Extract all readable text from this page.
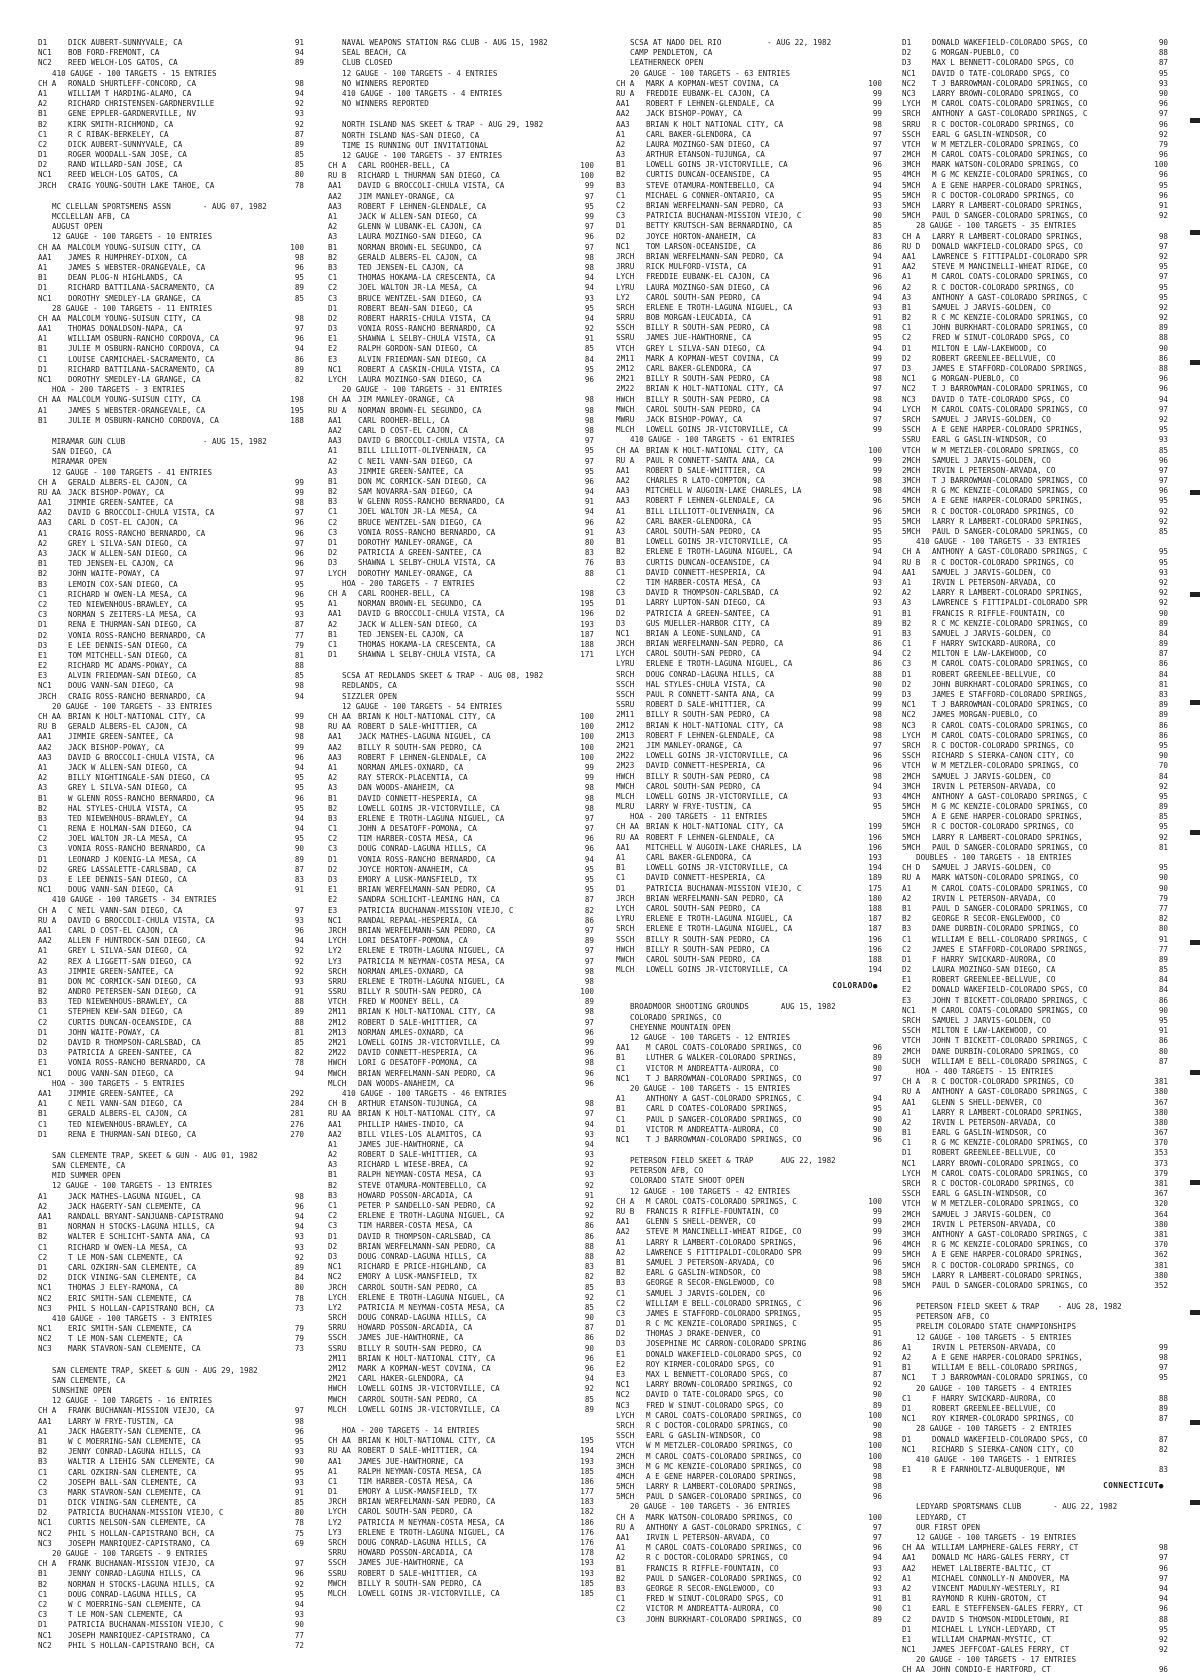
D1	DICK AUBERT-SUNNYVALE, CA	91
NC1	BOB FORD-FREMONT, CA	94
NC2	REED WELCH-LOS GATOS, CA	89
410 GAUGE - 100 TARGETS - 15 ENTRIES
CH A	RONALD SHURTLEFF-CONCORD, CA	98
A1	WILLIAM T HARDING-ALAMO, CA	94
A2	RICHARD CHRISTENSEN-GARDNERVILLE	92
B1	GENE EPPLER-GARDNERVILLE, NV	93
B2	KIRK SMITH-RICHMOND, CA	92
C1	R C RIBAK-BERKELEY, CA	87
C2	DICK AUBERT-SUNNYVALE, CA	89
D1	ROGER WOODALL-SAN JOSE, CA	85
D2	RAND WILLARD-SAN JOSE, CA	85
NC1	REED WELCH-LOS GATOS, CA	80
JRCH	CRAIG YOUNG-SOUTH LAKE TAHOE, CA	78
MC CLELLAN SPORTSMENS ASSN       - AUG 07, 1982
MCCLELLAN AFB, CA
AUGUST OPEN
12 GAUGE - 100 TARGETS - 10 ENTRIES
CH AA MALCOLM YOUNG-SUISUN CITY, CA	100
AA1	JAMES R HUMPHREY-DIXON, CA	98
A1	JAMES S WEBSTER-ORANGEVALE, CA	96
B1	DEAN PLOG-N HIGHLANDS, CA	95
D1	RICHARD BATTILANA-SACRAMENTO, CA	89
NC1	DOROTHY SMEDLEY-LA GRANGE, CA	85
28 GAUGE - 100 TARGETS - 11 ENTRIES
CH AA MALCOLM YOUNG-SUISUN CITY, CA	98
AA1	THOMAS DONALDSON-NAPA, CA	97
A1	WILLIAM OSBURN-RANCHO CORDOVA, CA	96
B1	JULIE M OSBURN-RANCHO CORDOVA, CA	94
C1	LOUISE CARMICHAEL-SACRAMENTO, CA	86
D1	RICHARD BATTILANA-SACRAMENTO, CA	89
NC1	DOROTHY SMEDLEY-LA GRANGE, CA	82
HOA - 200 TARGETS - 3 ENTRIES
CH AA MALCOLM YOUNG-SUISUN CITY, CA	198
A1	JAMES S WEBSTER-ORANGEVALE, CA	195
B1	JULIE M OSBURN-RANCHO CORDOVA, CA	188
MIRAMAR GUN CLUB                 - AUG 15, 1982
SAN DIEGO, CA
MIRAMAR OPEN
12 GAUGE - 100 TARGETS - 41 ENTRIES
CH A	GERALD ALBERS-EL CAJON, CA	99
RU AA JACK BISHOP-POWAY, CA	99
AA1	JIMMIE GREEN-SANTEE, CA	98
AA2	DAVID G BROCCOLI-CHULA VISTA, CA	97
AA3	CARL D COST-EL CAJON, CA	96
A1	CRAIG ROSS-RANCHO BERNARDO, CA	96
A2	GREY L SILVA-SAN DIEGO, CA	97
A3	JACK W ALLEN-SAN DIEGO, CA	96
B1	TED JENSEN-EL CAJON, CA	96
B2	JOHN WAITE-POWAY, CA	97
B3	LEMOIN COX-SAN DIEGO, CA	95
C1	RICHARD W OWEN-LA MESA, CA	96
C2	TED NIEWENHOUS-BRAWLEY, CA	95
C3	NORMAN S ZEITERS-LA MESA, CA	93
D1	RENA E THURMAN-SAN DIEGO, CA	87
D2	VONIA ROSS-RANCHO BERNARDO, CA	77
D3	E LEE DENNIS-SAN DIEGO, CA	79
E1	TOM MITCHELL-SAN DIEGO, CA	81
E2	RICHARD MC ADAMS-POWAY, CA	88
E3	ALVIN FRIEDMAN-SAN DIEGO, CA	85
NC1	DOUG VANN-SAN DIEGO, CA	98
JRCH	CRAIG ROSS-RANCHO BERNARDO, CA	94
20 GAUGE - 100 TARGETS - 33 ENTRIES
CH AA BRIAN K HOLT-NATIONAL CITY, CA	99
RU B	GERALD ALBERS-EL CAJON, CA	98
AA1	JIMMIE GREEN-SANTEE, CA	98
AA2	JACK BISHOP-POWAY, CA	99
AA3	DAVID G BROCCOLI-CHULA VISTA, CA	96
A1	JACK W ALLEN-SAN DIEGO, CA	94
A2	BILLY NIGHTINGALE-SAN DIEGO, CA	95
A3	GREY L SILVA-SAN DIEGO, CA	95
B1	W GLENN ROSS-RANCHO BERNARDO, CA	96
B2	HAL STYLES-CHULA VISTA, CA	95
B3	TED NIEWENHOUS-BRAWLEY, CA	94
C1	RENA E HOLMAN-SAN DIEGO, CA	94
C2	JOEL WALTON JR-LA MESA, CA	95
C3	VONIA ROSS-RANCHO BERNARDO, CA	90
D1	LEONARD J KOENIG-LA MESA, CA	89
D2	GREG LASSALETTE-CARLSBAD, CA	87
D3	E LEE DENNIS-SAN DIEGO, CA	83
NC1	DOUG VANN-SAN DIEGO, CA	91
410 GAUGE - 100 TARGETS - 34 ENTRIES
CH A	C NEIL VANN-SAN DIEGO, CA	97
RU A	DAVID G BROCCOLI-CHULA VISTA, CA	93
AA1	CARL D COST-EL CAJON, CA	96
AA2	ALLEN F HUNTROCK-SAN DIEGO, CA	94
A1	GREY L SILVA-SAN DIEGO, CA	92
A2	REX A LIGGETT-SAN DIEGO, CA	92
A3	JIMMIE GREEN-SANTEE, CA	92
B1	DON MC CORMICK-SAN DIEGO, CA	93
B2	ANDRO PETERSEN-SAN DIEGO, CA	91
B3	TED NIEWENHOUS-BRAWLEY, CA	88
C1	STEPHEN KEW-SAN DIEGO, CA	89
C2	CURTIS DUNCAN-OCEANSIDE, CA	88
D1	JOHN WAITE-POWAY, CA	81
D2	DAVID R THOMPSON-CARLSBAD, CA	85
D3	PATRICIA A GREEN-SANTEE, CA	82
E1	VONIA ROSS-RANCHO BERNARDO, CA	78
NC1	DOUG VANN-SAN DIEGO, CA	94
HOA - 300 TARGETS - 5 ENTRIES
AA1	JIMMIE GREEN-SANTEE, CA	292
A1	C NEIL VANN-SAN DIEGO, CA	284
B1	GERALD ALBERS-EL CAJON, CA	281
C1	TED NIEWENHOUS-BRAWLEY, CA	276
D1	RENA E THURMAN-SAN DIEGO, CA	270
SAN CLEMENTE TRAP, SKEET & GUN - AUG 01, 1982
SAN CLEMENTE, CA
MID SUMMER OPEN
12 GAUGE - 100 TARGETS - 13 ENTRIES
A1	JACK MATHES-LAGUNA NIGUEL, CA	98
A2	JACK HAGERTY-SAN CLEMENTE, CA	96
AA1	RANDALL BRYANT-SANJUANB-CAPISTRANO	94
B1	NORMAN H STOCKS-LAGUNA HILLS, CA	94
B2	WALTER E SCHLICHT-SANTA ANA, CA	93
C1	RICHARD W OWEN-LA MESA, CA	93
C2	T LE MON-SAN CLEMENTE, CA	92
D1	CARL OZKIRN-SAN CLEMENTE, CA	89
D2	DICK VINING-SAN CLEMENTE, CA	84
NC1	THOMAS J ELEY-RAMONA, CA	80
NC2	ERIC SMITH-SAN CLEMENTE, CA	78
NC3	PHIL S HOLLAN-CAPISTRANO BCH, CA	73
410 GAUGE - 100 TARGETS - 3 ENTRIES
NC1	ERIC SMITH-SAN CLEMENTE, CA	79
NC2	T LE MON-SAN CLEMENTE, CA	79
NC3	MARK STAVRON-SAN CLEMENTE, CA	73
SAN CLEMENTE TRAP, SKEET & GUN - AUG 29, 1982
SAN CLEMENTE, CA
SUNSHINE OPEN
12 GAUGE - 100 TARGETS - 16 ENTRIES
CH A	FRANK BUCHANAN-MISSION VIEJO, CA	97
AA1	LARRY W FRYE-TUSTIN, CA	98
A1	JACK HAGERTY-SAN CLEMENTE, CA	96
B1	W C MOERRING-SAN CLEMENTE, CA	95
B2	JENNY CONRAD-LAGUNA HILLS, CA	93
B3	WALTIR A LIEHIG SAN CLEMENTE, CA	90
C1	CARL OZKIRN-SAN CLEMENTE, CA	95
C2	JOSEPH BALL-SAN CLEMENTE, CA	93
C3	MARK STAVRON-SAN CLEMENTE, CA	91
D1	DICK VINING-SAN CLEMENTE, CA	85
D2	PATRICIA BUCHANAN-MISSION VIEJO, C	80
NC1	CURTIS NELSON-SAN CLEMENTE, CA	78
NC2	PHIL S HOLLAN-CAPISTRANO BCH, CA	75
NC3	JOSEPH MANRIQUEZ-CAPISTRANO, CA	69
20 GAUGE - 100 TARGETS - 9 ENTRIES
CH A	FRANK BUCHANAN-MISSION VIEJO, CA	97
B1	JENNY CONRAD-LAGUNA HILLS, CA	96
B2	NORMAN H STOCKS-LAGUNA HILLS, CA	92
C1	DOUG CONRAD-LAGUNA HILLS, CA	95
C2	W C MOERRING-SAN CLEMENTE, CA	94
C3	T LE MON-SAN CLEMENTE, CA	93
D1	PATRICIA BUCHANAN-MISSION VIEJO, C	90
NC1	JOSEPH MANRIQUEZ-CAPISTRANO, CA	77
NC2	PHIL S HOLLAN-CAPISTRANO BCH, CA	72
NAVAL WEAPONS STATION R&G CLUB - AUG 15, 1982
SEAL BEACH, CA
CLUB CLOSED
12 GAUGE - 100 TARGETS - 4 ENTRIES
NO WINNERS REPORTED
410 GAUGE - 100 TARGETS - 4 ENTRIES
NO WINNERS REPORTED
NORTH ISLAND NAS SKEET & TRAP - AUG 29, 1982
NORTH ISLAND NAS-SAN DIEGO, CA
TIME IS RUNNING OUT INVITATIONAL
12 GAUGE - 100 TARGETS - 37 ENTRIES
CH A	CARL ROOHER-BELL, CA	100
RU B	RICHARD L THURMAN SAN DIEGO, CA	100
AA1	DAVID G BROCCOLI-CHULA VISTA, CA	99
AA2	JIM MANLEY-ORANGE, CA	97
AA3	ROBERT F LEHNEN-GLENDALE, CA	95
A1	JACK W ALLEN-SAN DIEGO, CA	99
A2	GLENN W LUBANK-EL CAJON, CA	97
A3	LAURA MOZINGO-SAN DIEGO, CA	96
B1	NORMAN BROWN-EL SEGUNDO, CA	97
B2	GERALD ALBERS-EL CAJON, CA	98
B3	TED JENSEN-EL CAJON, CA	98
C1	THOMAS HOKAMA-LA CRESCENTA, CA	94
C2	JOEL WALTON JR-LA MESA, CA	94
C3	BRUCE WENTZEL-SAN DIEGO, CA	93
D1	ROBERT BEAN-SAN DIEGO, CA	95
D2	ROBERT HARRIS-CHULA VISTA, CA	94
D3	VONIA ROSS-RANCHO BERNARDO, CA	92
E1	SHAWNA L SELBY-CHULA VISTA, CA	91
E2	RALPH GORDON-SAN DIEGO, CA	85
E3	ALVIN FRIEDMAN-SAN DIEGO, CA	84
NC1	ROBERT A CASKIN-CHULA VISTA, CA	95
LYCH	LAURA MOZINGO-SAN DIEGO, CA	96
20 GAUGE - 100 TARGETS - 31 ENTRIES
CH AA JIM MANLEY-ORANGE, CA	98
RU A	NORMAN BROWN-EL SEGUNDO, CA	98
AA1	CARL ROOHER-BELL, CA	98
AA2	CARL D COST-EL CAJON, CA	98
AA3	DAVID G BROCCOLI-CHULA VISTA, CA	97
A1	BILL LILLIOTT-OLIVENHAIN, CA	95
A2	C NEIL VANN-SAN DIEGO, CA	97
A3	JIMMIE GREEN-SANTEE, CA	95
B1	DON MC CORMICK-SAN DIEGO, CA	96
B2	SAM NOVARRA-SAN DIEGO, CA	94
B3	W GLENN ROSS-RANCHO BERNARDO, CA	91
C1	JOEL WALTON JR-LA MESA, CA	94
C2	BRUCE WENTZEL-SAN DIEGO, CA	96
C3	VONIA ROSS-RANCHO BERNARDO, CA	91
D1	DOROTHY MANLEY-ORANGE, CA	80
D2	PATRICIA A GREEN-SANTEE, CA	83
D3	SHAWNA L SELBY-CHULA VISTA, CA	76
LYCH	DOROTHY MANLEY-ORANGE, CA	88
HOA - 200 TARGETS - 7 ENTRIES
CH A	CARL ROOHER-BELL, CA	198
A1	NORMAN BROWN-EL SEGUNDO, CA	195
AA1	DAVID G BROCCOLI-CHULA VISTA, CA	196
A2	JACK W ALLEN-SAN DIEGO, CA	193
B1	TED JENSEN-EL CAJON, CA	187
C1	THOMAS HOKAMA-LA CRESCENTA, CA	188
D1	SHAWNA L SELBY-CHULA VISTA, CA	171
SCSA AT REDLANDS SKEET & TRAP - AUG 08, 1982
REDLANDS, CA
SIZZLER OPEN
12 GAUGE - 100 TARGETS - 54 ENTRIES
CH AA BRIAN K HOLT-NATIONAL CITY, CA	100
RU AA ROBERT D SALE-WHITTIER, CA	100
AA1	JACK MATHES-LAGUNA NIGUEL, CA	100
AA2	BILLY R SOUTH-SAN PEDRO, CA	100
AA3	ROBERT F LEHNEN-GLENDALE, CA	100
A1	NORMAN AMLES-OXNARD, CA	99
A2	RAY STERCK-PLACENTIA, CA	99
A3	DAN WOODS-ANAHEIM, CA	98
B1	DAVID CONNETT-HESPERIA, CA	98
B2	LOWELL GOINS JR-VICTORVILLE, CA	98
B3	ERLENE E TROTH-LAGUNA NIGUEL, CA	97
C1	JOHN A DESATOFF-POMONA, CA	97
C2	TIM HARBER-COSTA MESA, CA	96
C3	DOUG CONRAD-LAGUNA HILLS, CA	96
D1	VONIA ROSS-RANCHO BERNARDO, CA	94
D2	JOYCE HORTON-ANAHEIM, CA	95
D3	EMORY A LUSK-MANSFIELD, TX	95
E1	BRIAN WERFELMANN-SAN PEDRO, CA	95
E2	SANDRA SCHLICHT-LEAMING HAN, CA	87
E3	PATRICIA BUCHANAN-MISSION VIEJO, C	82
NC1	RANDAL REPAAL-HESPERIA, CA	86
JRCH	BRIAN WERFELMANN-SAN PEDRO, CA	97
LYCH	LORI DESATOFF-POMONA, CA	89
LY2	ERLENE E TROTH-LAGUNA NIGUEL, CA	97
LY3	PATRICIA M NEYMAN-COSTA MESA, CA	97
SRCH	NORMAN AMLES-OXNARD, CA	98
SRRU	ERLENE E TROTH-LAGUNA NIGUEL, CA	98
SSRU	BILLY R SOUTH-SAN PEDRO, CA	100
VTCH	FRED W MOONEY BELL, CA	89
2M11	BRIAN K HOLT-NATIONAL CITY, CA	98
2M12	ROBERT D SALE-WHITTIER, CA	97
2M13	NORMAN AMLES-OXNARD, CA	96
2M21	LOWELL GOINS JR-VICTORVILLE, CA	99
2M22	DAVID CONNETT-HESPERIA, CA	96
HWCH	LORI G DESATOFF-POMONA, CA	98
MWCH	BRIAN WERFELMANN-SAN PEDRO, CA	96
MLCH	DAN WOODS-ANAHEIM, CA	96
410 GAUGE - 100 TARGETS - 46 ENTRIES
CH B	ARTHUR ETANSON-TUJUNGA, CA	98
RU AA BRIAN K HOLT-NATIONAL CITY, CA	97
AA1	PHILLIP HAWES-INDIO, CA	94
AA2	BILL VILES-LOS ALAMITOS, CA	93
A1	JAMES JUE-HAWTHORNE, CA	94
A2	ROBERT D SALE-WHITTIER, CA	93
A3	RICHARD L WIESE-BREA, CA	92
B1	RALPH NEYMAN-COSTA MESA, CA	93
B2	STEVE OTAMURA-MONTEBELLO, CA	92
B3	HOWARD POSSON-ARCADIA, CA	91
C1	PETER P SANDELLO-SAN PEDRO, CA	92
C2	ERLENE E TROTH-LAGUNA NIGUEL, CA	92
C3	TIM HARBER-COSTA MESA, CA	86
D1	DAVID R THOMPSON-CARLSBAD, CA	86
D2	BRIAN WERFELMANN-SAN PEDRO, CA	88
D3	DOUG CONRAD-LAGUNA HILLS, CA	88
NC1	RICHARD E PRICE-HIGHLAND, CA	83
NC2	EMORY A LUSK-MANSFIELD, TX	82
JRCH	CARROL SOUTH-SAN PEDRO, CA	85
LYCH	ERLENE E TROTH-LAGUNA NIGUEL, CA	92
LY2	PATRICIA M NEYMAN-COSTA MESA, CA	85
SRCH	DOUG CONRAD-LAGUNA HILLS, CA	90
SRRU	HOWARD POSSON-ARCADIA, CA	87
SSCH	JAMES JUE-HAWTHORNE, CA	86
SSRU	BILLY R SOUTH-SAN PEDRO, CA	90
2M11	BRIAN K HOLT-NATIONAL CITY, CA	96
2M12	MARK A KOPMAN-WEST COVINA, CA	96
2M21	CARL HAKER-GLENDORA, CA	94
HWCH	LOWELL GOINS JR-VICTORVILLE, CA	92
MWCH	CARROL SOUTH-SAN PEDRO, CA	85
MLCH	LOWELL GOINS JR-VICTORVILLE, CA	89
HOA - 200 TARGETS - 14 ENTRIES
CH AA BRIAN K HOLT-NATIONAL CITY, CA	195
RU AA ROBERT D SALE-WHITTIER, CA	194
AA1	JAMES JUE-HAWTHORNE, CA	193
A1	RALPH NEYMAN-COSTA MESA, CA	185
C1	TIM HARBER-COSTA MESA, CA	186
D1	EMORY A LUSK-MANSFIELD, TX	177
JRCH	BRIAN WERFELMANN-SAN PEDRO, CA	183
LYCH	CAROL SOUTH-SAN PEDRO, CA	182
LY2	PATRICIA M NEYMAN-COSTA MESA, CA	186
LY3	ERLENE E TROTH-LAGUNA NIGUEL, CA	176
SRCH	DOUG CONRAD-LAGUNA HILLS, CA	176
SRRU	HOWARD POSSON-ARCADIA, CA	178
SSCH	JAMES JUE-HAWTHORNE, CA	193
SSRU	ROBERT D SALE-WHITTIER, CA	193
MWCH	BILLY R SOUTH-SAN PEDRO, CA	185
MLCH	LOWELL GOINS JR-VICTORVILLE, CA	185
SCSA AT NADO DEL RIO          - AUG 22, 1982
CAMP PENDLETON, CA
LEATHERNECK OPEN
20 GAUGE - 100 TARGETS - 63 ENTRIES
CH A	MARK A KOPMAN-WEST COVINA, CA	100
RU A	FREDDIE EUBANK-EL CAJON, CA	99
AA1	ROBERT F LEHNEN-GLENDALE, CA	99
AA2	JACK BISHOP-POWAY, CA	99
AA3	BRIAN K HOLT NATIONAL CITY, CA	98
A1	CARL BAKER-GLENDORA, CA	97
A2	LAURA MOZINGO-SAN DIEGO, CA	97
A3	ARTHUR ETANSON-TUJUNGA, CA	97
B1	LOWELL GOINS JR-VICTORVILLE, CA	96
B2	CURTIS DUNCAN-OCEANSIDE, CA	95
B3	STEVE OTAMURA-MONTEBELLO, CA	94
C1	MICHAEL G CONNER-ONTARIO, CA	95
C2	BRIAN WERFELMANN-SAN PEDRO, CA	93
C3	PATRICIA BUCHANAN-MISSION VIEJO, C	90
D1	BETTY KRUTSCH-SAN BERNARDINO, CA	85
D2	JOYCE HORTON-ANAHEIM, CA	83
NC1	TOM LARSON-OCEANSIDE, CA	86
JRCH	BRIAN WERFELMANN-SAN PEDRO, CA	94
JRRU	RICK MULFORD-VISTA, CA	91
LYCH	FREDDIE EUBANK-EL CAJON, CA	96
LYRU	LAURA MOZINGO-SAN DIEGO, CA	96
LY2	CAROL SOUTH-SAN PEDRO, CA	94
SRCH	ERLENE E TROTH-LAGUNA NIGUEL, CA	93
SRRU	BOB MORGAN-LEUCADIA, CA	91
SSCH	BILLY R SOUTH-SAN PEDRO, CA	98
SSRU	JAMES JUE-HAWTHORNE, CA	95
VTCH	GREY L SILVA-SAN DIEGO, CA	94
2M11	MARK A KOPMAN-WEST COVINA, CA	99
2M12	CARL BAKER-GLENDORA, CA	97
2M21	BILLY R SOUTH-SAN PEDRO, CA	98
2M22	BRIAN K HOLT-NATIONAL CITY, CA	97
HWCH	BILLY R SOUTH-SAN PEDRO, CA	98
MWCH	CAROL SOUTH-SAN PEDRO, CA	94
MWRU	JACK BISHOP-POWAY, CA	97
MLCH	LOWELL GOINS JR-VICTORVILLE, CA	99
410 GAUGE - 100 TARGETS - 61 ENTRIES
CH AA BRIAN K HOLT-NATIONAL CITY, CA	100
RU A	PAUL R CONNETT-SANTA ANA, CA	99
AA1	ROBERT D SALE-WHITTIER, CA	99
AA2	CHARLES R LATO-COMPTON, CA	98
AA3	MITCHELL W AUGOIN-LAKE CHARLES, LA	98
AA3	ROBERT F LEHNEN-GLENDALE, CA	96
A1	BILL LILLIOTT-OLIVENHAIN, CA	96
A2	CARL BAKER-GLENDORA, CA	95
A3	CAROL SOUTH-SAN PEDRO, CA	95
B1	LOWELL GOINS JR-VICTORVILLE, CA	95
B2	ERLENE E TROTH-LAGUNA NIGUEL, CA	94
B3	CURTIS DUNCAN-OCEANSIDE, CA	94
C1	DAVID CONNETT-HESPERIA, CA	94
C2	TIM HARBER-COSTA MESA, CA	93
C3	DAVID R THOMPSON-CARLSBAD, CA	92
D1	LARRY LUPTON-SAN DIEGO, CA	93
D2	PATRICIA A GREEN-SANTEE, CA	91
D3	GUS MUELLER-HARBOR CITY, CA	89
NC1	BRIAN A LEONE-SUNLAND, CA	91
JRCH	BRIAN WERFELMANN-SAN PEDRO, CA	86
LYCH	CAROL SOUTH-SAN PEDRO, CA	94
LYRU	ERLENE E TROTH-LAGUNA NIGUEL, CA	86
SRCH	DOUG CONRAD-LAGUNA HILLS, CA	88
SSCH	HAL STYLES-CHULA VISTA, CA	90
SSCH	PAUL R CONNETT-SANTA ANA, CA	99
SSRU	ROBERT D SALE-WHITTIER, CA	99
2M11	BILLY R SOUTH-SAN PEDRO, CA	98
2M12	BRIAN K HOLT-NATIONAL CITY, CA	98
2M13	ROBERT F LEHNEN-GLENDALE, CA	98
2M21	JIM MANLEY-ORANGE, CA	97
2M22	LOWELL GOINS JR-VICTORVILLE, CA	96
2M23	DAVID CONNETT-HESPERIA, CA	96
HWCH	BILLY R SOUTH-SAN PEDRO, CA	98
MWCH	CAROL SOUTH-SAN PEDRO, CA	94
MLCH	LOWELL GOINS JR-VICTORVILLE, CA	93
MLRU	LARRY W FRYE-TUSTIN, CA	95
HOA - 200 TARGETS - 11 ENTRIES
CH AA BRIAN K HOLT-NATIONAL CITY, CA	199
RU AA ROBERT F LEHNEN-GLENDALE, CA	196
AA1	MITCHELL W AUGOIN-LAKE CHARLES, LA	196
A1	CARL BAKER-GLENDORA, CA	193
B1	LOWELL GOINS JR-VICTORVILLE, CA	194
C1	DAVID CONNETT-HESPERIA, CA	189
D1	PATRICIA BUCHANAN-MISSION VIEJO, C	175
JRCH	BRIAN WERFELMANN-SAN PEDRO, CA	180
LYCH	CAROL SOUTH-SAN PEDRO, CA	188
LYRU	ERLENE E TROTH-LAGUNA NIGUEL, CA	187
SRCH	ERLENE E TROTH-LAGUNA NIGUEL, CA	187
SSCH	BILLY R SOUTH-SAN PEDRO, CA	196
HWCH	BILLY R SOUTH-SAN PEDRO, CA	196
MWCH	CAROL SOUTH-SAN PEDRO, CA	188
MLCH	LOWELL GOINS JR-VICTORVILLE, CA	194
COLORADO●
BROADMOOR SHOOTING GROUNDS       AUG 15, 1982
COLORADO SPRINGS, CO
CHEYENNE MOUNTAIN OPEN
12 GAUGE - 100 TARGETS - 12 ENTRIES
AA1	M CAROL COATS-COLORADO SPRINGS, CO	96
B1	LUTHER G WALKER-COLORADO SPRINGS,	89
C1	VICTOR M ANDREATTA-AURORA, CO	90
NC1	T J BARROWMAN-COLORADO SPRINGS, CO	97
20 GAUGE - 100 TARGETS - 15 ENTRIES
A1	ANTHONY A GAST-COLORADO SPRINGS, C	94
B1	CARL D COATES-COLORADO SPRINGS,	95
C1	PAUL D SANGER-COLORADO SPRINGS, CO	90
D1	VICTOR M ANDREATTA-AURORA, CO	90
NC1	T J BARROWMAN-COLORADO SPRINGS, CO	96
PETERSON FIELD SKEET & TRAP      AUG 22, 1982
PETERSON AFB, CO
COLORADO STATE SHOOT OPEN
12 GAUGE - 100 TARGETS - 42 ENTRIES
CH A	M CAROL COATS-COLORADO SPRINGS, C	100
RU B	FRANCIS R RIFFLE-FOUNTAIN, CO	99
AA1	GLENN S SHELL-DENVER, CO	99
AA2	STEVE M MANCINELLI-WHEAT RIDGE, CO	99
A1	LARRY R LAMBERT-COLORADO SPRINGS,	96
A2	LAWRENCE S FITTIPALDI-COLORADO SPR	99
B1	SAMUEL J PETERSON-ARVADA, CO	96
B2	EARL G GASLIN-WINDSOR, CO	98
B3	GEORGE R SECOR-ENGLEWOOD, CO	98
C1	SAMUEL J JARVIS-GOLDEN, CO	96
C2	WILLIAM E BELL-COLORADO SPRINGS, C	96
C3	JAMES E STAFFORD-COLORADO SPRINGS,	95
D1	R C MC KENZIE-COLORADO SPRINGS, C	95
D2	THOMAS J DRAKE-DENVER, CO	91
D3	JOSEPHINE MC CARRON-COLORADO SPRING	86
E1	DONALD WAKEFIELD-COLORADO SPGS, CO	92
E2	ROY KIRMER-COLORADO SPGS, CO	91
E3	MAX L BENNETT-COLORADO SPGS, CO	87
NC1	LARRY BROWN-COLORADO SPRINGS, CO	92
NC2	DAVID O TATE-COLORADO SPGS, CO	90
NC3	FRED W SINUT-COLORADO SPGS, CO	89
LYCH	M CAROL COATS-COLORADO SPRINGS, CO	100
SRCH	R C DOCTOR-COLORADO SPRINGS, CO	90
SSCH	EARL G GASLIN-WINDSOR, CO	98
VTCH	W M METZLER-COLORADO SPRINGS, CO	100
2MCH	M CAROL COATS-COLORADO SPRINGS, CO	100
3MCH	M G MC KENZIE-COLORADO SPRINGS, CO	98
4MCH	A E GENE HARPER-COLORADO SPRINGS,	98
5MCH	LARRY R LAMBERT-COLORADO SPRINGS,	98
5MCH	PAUL D SANGER-COLORADO SPRINGS, CO	96
20 GAUGE - 100 TARGETS - 36 ENTRIES
CH A	MARK WATSON-COLORADO SPRINGS, CO	100
RU A	ANTHONY A GAST-COLORADO SPRINGS, C	97
AA1	IRVIN L PETERSON-ARVADA, CO	97
A1	M CAROL COATS-COLORADO SPRINGS, CO	96
A2	R C DOCTOR-COLORADO SPRINGS, CO	94
B1	FRANCIS R RIFFLE-FOUNTAIN, CO	93
B2	PAUL D SANGER-COLORADO SPRINGS, CO	92
B3	GEORGE R SECOR-ENGLEWOOD, CO	93
C1	FRED W SINUT-COLORADO SPGS, CO	91
C2	VICTOR M ANDREATTA-AURORA, CO	90
C3	JOHN BURKHART-COLORADO SPRINGS, CO	89
D1	DONALD WAKEFIELD-COLORADO SPGS, CO	90
D2	G MORGAN-PUEBLO, CO	88
D3	MAX L BENNETT-COLORADO SPGS, CO	87
NC1	DAVID O TATE-COLORADO SPGS, CO	95
NC2	T J BARROWMAN-COLORADO SPRINGS, CO	93
NC3	LARRY BROWN-COLORADO SPRINGS, CO	90
LYCH	M CAROL COATS-COLORADO SPRINGS, CO	96
SRCH	ANTHONY A GAST-COLORADO SPRINGS, C	97
SRRU	R C DOCTOR-COLORADO SPRINGS, CO	96
SSCH	EARL G GASLIN-WINDSOR, CO	92
VTCH	W M METZLER-COLORADO SPRINGS, CO	79
2MCH	M CAROL COATS-COLORADO SPRINGS, CO	96
3MCH	MARK WATSON-COLORADO SPRINGS, CO	100
4MCH	M G MC KENZIE-COLORADO SPRINGS, CO	96
5MCH	A E GENE HARPER-COLORADO SPRINGS,	95
5MCH	R C DOCTOR-COLORADO SPRINGS, CO	96
5MCH	LARRY R LAMBERT-COLORADO SPRINGS,	91
5MCH	PAUL D SANGER-COLORADO SPRINGS, CO	92
28 GAUGE - 100 TARGETS - 35 ENTRIES
CH A	LARRY R LAMBERT-COLORADO SPRINGS,	98
RU D	DONALD WAKFIELD-COLORADO SPGS, CO	97
AA1	LAWRENCE S FITTIPALDI-COLORADO SPR	92
AA2	STEVE M MANCINELLI-WHEAT RIDGE, CO	95
A1	M CAROL COATS-COLORADO SPRINGS, CO	97
A2	R C DOCTOR-COLORADO SPRINGS, CO	95
A3	ANTHONY A GAST-COLORADO SPRINGS, C	95
B1	SAMUEL J JARVIS-GOLDEN, CO	92
B2	R C MC KENZIE-COLORADO SPRINGS, CO	92
C1	JOHN BURKHART-COLORADO SPRINGS, CO	89
C2	FRED W SINUT-COLORADO SPGS, CO	88
D1	MILTON E LAW-LAKEWOOD, CO	90
D2	ROBERT GREENLEE-BELLVUE, CO	86
D3	JAMES E STAFFORD-COLORADO SPRINGS,	88
NC1	G MORGAN-PUEBLO, CO	96
NC2	T J BARROWMAN-COLORADO SPRINGS, CO	96
NC3	DAVID O TATE-COLORADO SPGS, CO	94
LYCH	M CAROL COATS-COLORADO SPRINGS, CO	97
SRCH	SAMUEL J JARVIS-GOLDEN, CO	92
SSCH	A E GENE HARPER-COLORADO SPRINGS,	95
SSRU	EARL G GASLIN-WINDSOR, CO	93
VTCH	W M METZLER-COLORADO SPRINGS, CO	85
2MCH	SAMUEL J JARVIS-GOLDEN, CO	96
2MCH	IRVIN L PETERSON-ARVADA, CO	97
3MCH	T J BARROWMAN-COLORADO SPRINGS, CO	97
4MCH	R G MC KENZIE-COLORADO SPRINGS, CO	96
5MCH	A E GENE HARPER-COLORADO SPRINGS,	95
5MCH	R C DOCTOR-COLORADO SPRINGS, CO	92
5MCH	LARRY R LAMBERT-COLORADO SPRINGS,	92
5MCH	PAUL D SANGER-COLORADO SPRINGS, CO	85
410 GAUGE - 100 TARGETS - 33 ENTRIES
CH A	ANTHONY A GAST-COLORADO SPRINGS, C	95
RU B	R C DOCTOR-COLORADO SPRINGS, CO	95
AA1	SAMUEL J JARVIS-GOLDEN, CO	93
A1	IRVIN L PETERSON-ARVADA, CO	92
A2	LARRY R LAMBERT-COLORADO SPRINGS,	92
A3	LAWRENCE S FITTIPALDI-COLORADO SPR	92
B1	FRANCIS R RIFFLE-FOUNTAIN, CO	90
B2	R C MC KENZIE-COLORADO SPRINGS, CO	89
B3	SAMUEL J JARVIS-GOLDEN, CO	84
C1	F HARRY SWICKARD-AURORA, CO	89
C2	MILTON E LAW-LAKEWOOD, CO	87
C3	M CAROL COATS-COLORADO SPRINGS, CO	86
D1	ROBERT GREENLEE-BELLVUE, CO	84
D2	JOHN BURKHART-COLORADO SPRINGS, CO	81
D3	JAMES E STAFFORD-COLORADO SPRINGS,	83
NC1	T J BARROWMAN-COLORADO SPRINGS, CO	89
NC2	JAMES MORGAN-PUEBLO, CO	89
NC3	R CAROL COATS-COLORADO SPRINGS, CO	86
LYCH	M CAROL COATS-COLORADO SPRINGS, CO	86
SRCH	R C DOCTOR-COLORADO SPRINGS, CO	95
SSCH	RICHARD S SIERKA-CANON CITY, CO	90
VTCH	W M METZLER-COLORADO SPRINGS, CO	70
2MCH	SAMUEL J JARVIS-GOLDEN, CO	84
3MCH	IRVIN L PETERSON-ARVADA, CO	92
4MCH	ANTHONY A GAST-COLORADO SPRINGS, C	95
5MCH	M G MC KENZIE-COLORADO SPRINGS, CO	89
5MCH	A E GENE HARPER-COLORADO SPRINGS,	85
5MCH	R C DOCTOR-COLORADO SPRINGS, CO	95
5MCH	LARRY R LAMBERT-COLORADO SPRINGS,	92
5MCH	PAUL D SANGER-COLORADO SPRINGS, CO	81
DOUBLES - 100 TARGETS - 18 ENTRIES
CH D	SAMUEL J JARVIS-GOLDEN, CO	95
RU A	MARK WATSON-COLORADO SPRINGS, CO	90
A1	M CAROL COATS-COLORADO SPRINGS, CO	90
A2	IRVIN L PETERSON-ARVADA, CO	79
B1	PAUL D SANGER-COLORADO SPRINGS, CO	77
B2	GEORGE R SECOR-ENGLEWOOD, CO	82
B3	DANE DURBIN-COLORADO SPRINGS, CO	80
C1	WILLIAM E BELL-COLORADO SPRINGS, C	91
C2	JAMES E STAFFORD-COLORADO SPRINGS,	77
D1	F HARRY SWICKARD-AURORA, CO	89
D2	LAURA MOZINGO-SAN DIEGO, CA	85
E1	ROBERT GREENLEE-BELLVUE, CO	84
E2	DONALD WAKEFIELD-COLORADO SPGS, CO	84
E3	JOHN T BICKETT-COLORADO SPRINGS, C	86
NC1	M CAROL COATS-COLORADO SPRINGS, CO	90
SRCH	SAMUEL J JARVIS-GOLDEN, CO	95
SSCH	MILTON E LAW-LAKEWOOD, CO	91
VTCH	JOHN T BICKETT-COLORADO SPRINGS, C	86
2MCH	DANE DURBIN-COLORADO SPRINGS, CO	80
SUCH	WILLIAM E BELL-COLORADO SPRINGS, C	87
HOA - 400 TARGETS - 15 ENTRIES
CH A	R C DOCTOR-COLORADO SPRINGS, CO	381
RU A	ANTHONY A GAST-COLORADO SPRINGS, C	380
AA1	GLENN S SHELL-DENVER, CO	367
A1	LARRY R LAMBERT-COLORADO SPRINGS,	380
A2	IRVIN L PETERSON-ARVADA, CO	380
B1	EARL G GASLIN-WINDSOR, CO	367
C1	R G MC KENZIE-COLORADO SPRINGS, CO	370
D1	ROBERT GREENLEE-BELLVUE, CO	353
NC1	LARRY BROWN-COLORADO SPRINGS, CO	373
LYCH	M CAROL COATS-COLORADO SPRINGS, CO	379
SRCH	R C DOCTOR-COLORADO SPRINGS, CO	381
SSCH	EARL G GASLIN-WINDSOR, CO	367
VTCH	W M METZLER-COLORADO SPRINGS, CO	320
2MCH	SAMUEL J JARVIS-GOLDEN, CO	364
2MCH	IRVIN L PETERSON-ARVADA, CO	380
3MCH	ANTHONY A GAST-COLORADO SPRINGS, C	381
4MCH	R G MC KENZIE-COLORADO SPRINGS, CO	370
5MCH	A E GENE HARPER-COLORADO SPRINGS,	362
5MCH	R C DOCTOR-COLORADO SPRINGS, CO	381
5MCH	LARRY R LAMBERT-COLORADO SPRINGS,	380
5MCH	PAUL D SANGER-COLORADO SPRINGS, CO	352
PETERSON FIELD SKEET & TRAP    - AUG 28, 1982
PETERSON AFB, CO
PRELIM COLORADO STATE CHAMPIONSHIPS
12 GAUGE - 100 TARGETS - 5 ENTRIES
A1	IRVIN L PETERSON-ARVADA, CO	99
A2	A E GENE HARPER-COLORADO SPRINGS,	98
B1	WILLIAM E BELL-COLORADO SPRINGS,	97
NC1	T J BARROWMAN-COLORADO SPRINGS, CO	95
20 GAUGE - 100 TARGETS - 4 ENTRIES
C1	F HARRY SWICKARD-AURORA, CO	88
D1	ROBERT GREENLEE-BELLVUE, CO	89
NC1	ROY KIRMER-COLORADO SPRINGS, CO	87
28 GAUGE - 100 TARGETS - 2 ENTRIES
D1	DONALD WAKEFIELD-COLORADO SPGS, CO	87
NC1	RICHARD S SIERKA-CANON CITY, CO	82
410 GAUGE - 100 TARGETS - 1 ENTRIES
E1	R E FARNHOLTZ-ALBUQUERQUE, NM	83
CONNECTICUT●
LEDYARD SPORTSMANS CLUB       - AUG 22, 1982
LEDYARD, CT
OUR FIRST OPEN
12 GAUGE - 100 TARGETS - 19 ENTRIES
CH AA WILLIAM LAMPHERE-GALES FERRY, CT	98
AA1	DONALD MC HARG-GALES FERRY, CT	97
AA2	HEWET LALIBERTE-BALTIC, CT	96
A1	MICHAEL CONNOLLY-N ANDOVER, MA	97
A2	VINCENT MADULNY-WESTERLY, RI	94
B1	RAYMOND R KUHN-GROTON, CT	94
C1	EARL E STEFFENSEN-GALES FERRY, CT	96
C2	DAVID S THOMSON-MIDDLETOWN, RI	88
D1	MICHAEL L LYNCH-LEDYARD, CT	95
E1	WILLIAM CHAPMAN-MYSTIC, CT	92
NC1	JAMES JEFFCOAT-GALES FERRY, CT	92
20 GAUGE - 100 TARGETS - 17 ENTRIES
CH AA JOHN CONDIO-E HARTFORD, CT	96
